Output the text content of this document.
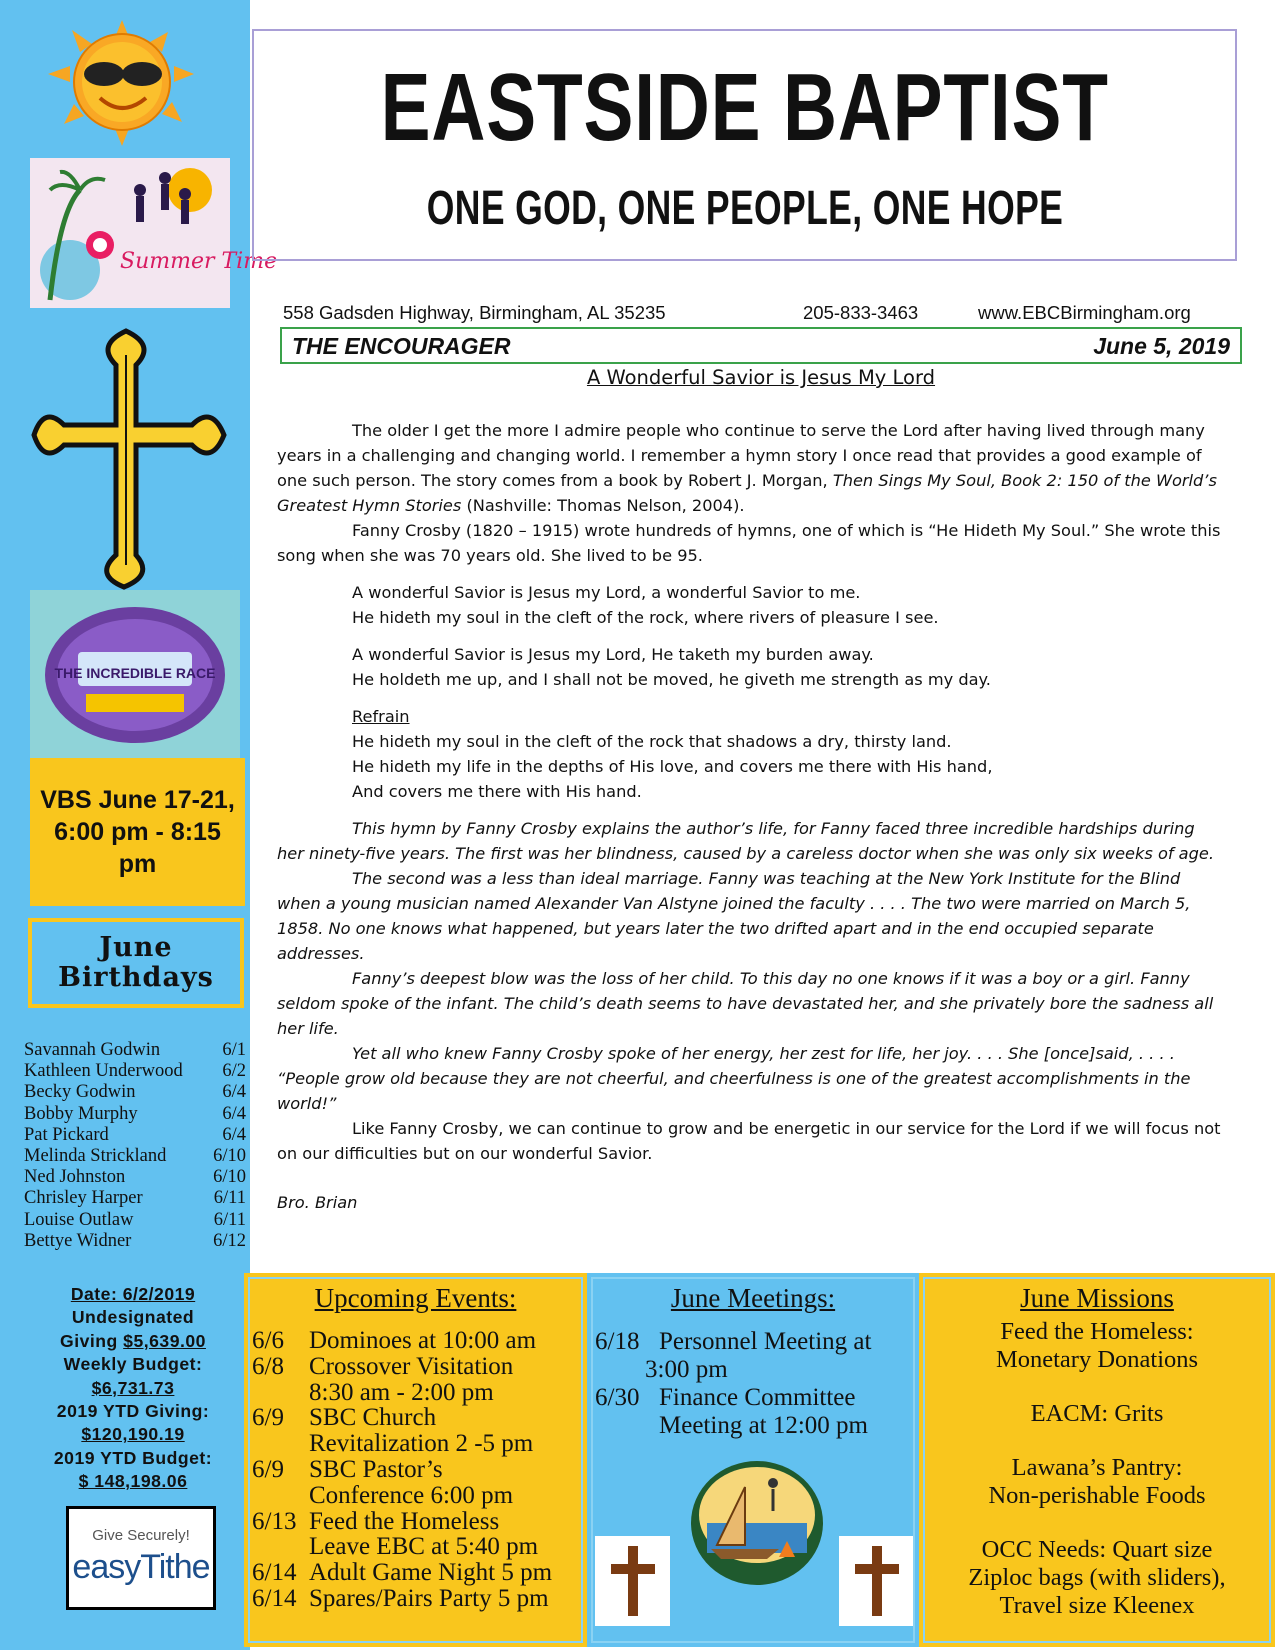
Summer Time
THE INCREDIBLE RACE
VBS June 17-21, 6:00 pm - 8:15 pm
June
Birthdays
Savannah Godwin	6/1
Kathleen Underwood 6/2
Becky Godwin	6/4
Bobby Murphy	6/4
Pat Pickard	6/4
Melinda Strickland	6/10
Ned Johnston	6/10
Chrisley Harper	6/11
Louise Outlaw	6/11
Bettye Widner	6/12
Date: 6/2/2019
Undesignated
Giving $5,639.00
Weekly Budget:
$6,731.73
2019 YTD Giving:
$120,190.19
2019 YTD Budget:
$ 148,198.06
Give Securely!
easyTithe
EASTSIDE BAPTIST
ONE GOD, ONE PEOPLE, ONE HOPE
558 Gadsden Highway, Birmingham, AL 35235	205-833-3463	www.EBCBirmingham.org
THE ENCOURAGER	June 5, 2019
A Wonderful Savior is Jesus My Lord

The older I get the more I admire people who continue to serve the Lord after having lived through many years in a challenging and changing world. I remember a hymn story I once read that provides a good example of one such person. The story comes from a book by Robert J. Morgan, Then Sings My Soul, Book 2: 150 of the World’s Greatest Hymn Stories (Nashville: Thomas Nelson, 2004).

Fanny Crosby (1820 – 1915) wrote hundreds of hymns, one of which is “He Hideth My Soul.” She wrote this song when she was 70 years old. She lived to be 95.

A wonderful Savior is Jesus my Lord, a wonderful Savior to me.

He hideth my soul in the cleft of the rock, where rivers of pleasure I see.

A wonderful Savior is Jesus my Lord, He taketh my burden away.

He holdeth me up, and I shall not be moved, he giveth me strength as my day.

Refrain

He hideth my soul in the cleft of the rock that shadows a dry, thirsty land.

He hideth my life in the depths of His love, and covers me there with His hand,

And covers me there with His hand.

This hymn by Fanny Crosby explains the author’s life, for Fanny faced three incredible hardships during her ninety-five years. The first was her blindness, caused by a careless doctor when she was only six weeks of age.

The second was a less than ideal marriage. Fanny was teaching at the New York Institute for the Blind when a young musician named Alexander Van Alstyne joined the faculty . . . . The two were married on March 5, 1858. No one knows what happened, but years later the two drifted apart and in the end occupied separate addresses.

Fanny’s deepest blow was the loss of her child. To this day no one knows if it was a boy or a girl. Fanny seldom spoke of the infant. The child’s death seems to have devastated her, and she privately bore the sadness all her life.

Yet all who knew Fanny Crosby spoke of her energy, her zest for life, her joy. . . . She [once]said, . . . . “People grow old because they are not cheerful, and cheerfulness is one of the greatest accomplishments in the world!”

Like Fanny Crosby, we can continue to grow and be energetic in our service for the Lord if we will focus not on our difficulties but on our wonderful Savior.

Bro. Brian

Upcoming Events:
6/6	Dominoes at 10:00 am
6/8	Crossover Visitation
8:30 am - 2:00 pm
6/9	SBC Church
Revitalization 2 -5 pm
6/9	SBC Pastor’s
Conference 6:00 pm
6/13 Feed the Homeless
Leave EBC at 5:40 pm
6/14 Adult Game Night 5 pm
6/14 Spares/Pairs Party 5 pm
June Meetings:
6/18 Personnel Meeting at
3:00 pm
6/30 Finance Committee
Meeting at 12:00 pm
June Missions
Feed the Homeless:
Monetary Donations
EACM: Grits
Lawana’s Pantry:
Non-perishable Foods
OCC Needs: Quart size
Ziploc bags (with sliders),
Travel size Kleenex
